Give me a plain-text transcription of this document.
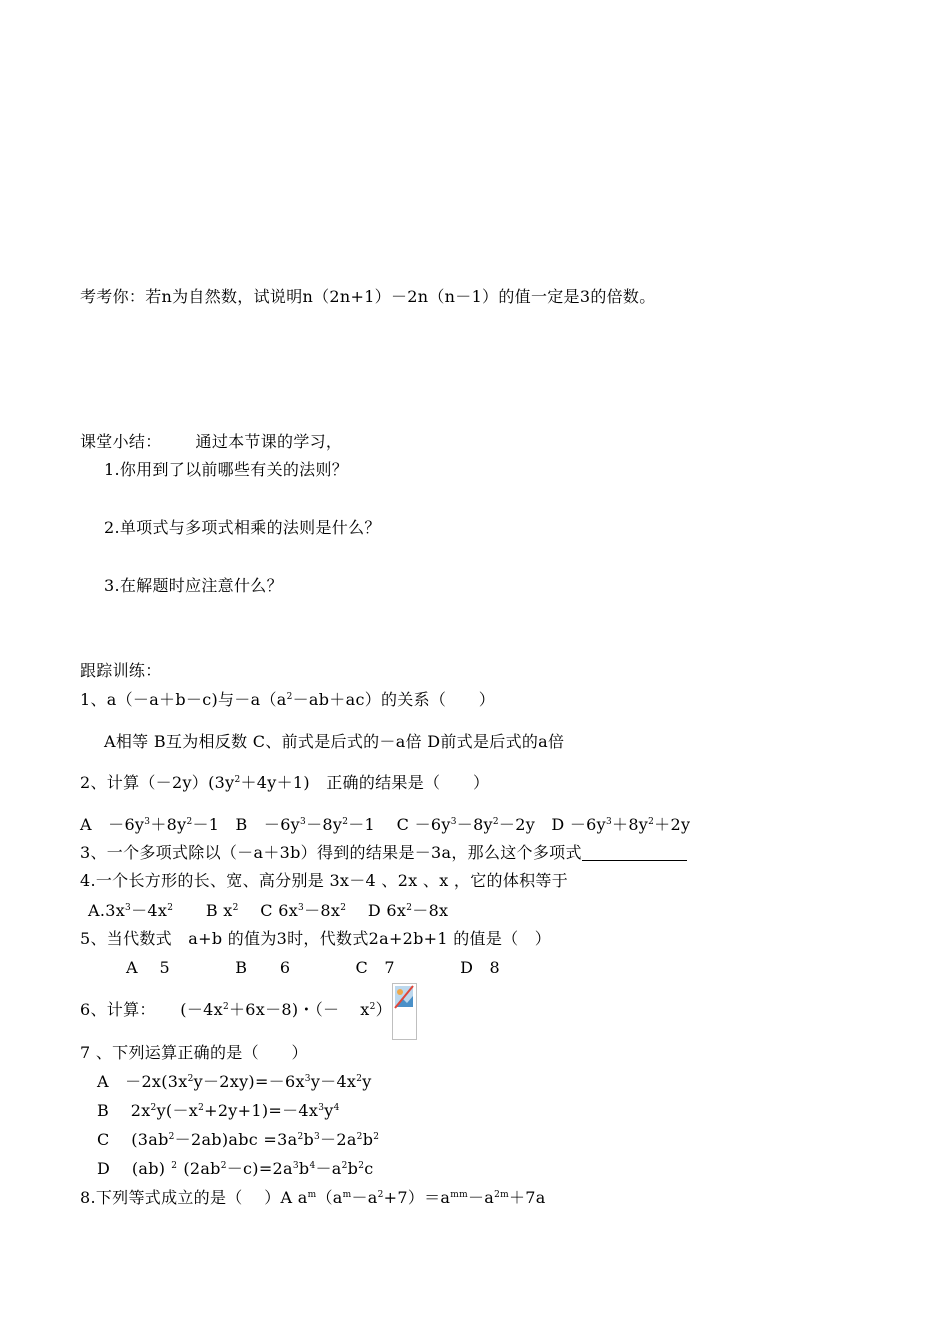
考考你：若n为自然数，试说明n（2n+1）－2n（n－1）的值一定是3的倍数。
课堂小结： 通过本节课的学习，
1.你用到了以前哪些有关的法则？
2.单项式与多项式相乘的法则是什么？
3.在解题时应注意什么？
跟踪训练：
1、a（－a＋b－c)与$-a(a^2-ab+ac)$的关系（　　）
A相等 B互为相反数 C、前式是后式的－a倍 D前式是后式的a倍
2、计算$(-2y)(3y^2+4y+1)$　正确的结果是（　　）
A　$-6y^3+8y^2-1$　B　$-6y^3-8y^2-1$　 $C -6y^3-8y^2-2y$　$D -6y^3+8y^2+2y$
3、一个多项式除以（－a＋3b）得到的结果是－3a，那么这个多项式
4.一个长方形的长、宽、高分别是 3x－4 、2x 、x ，它的体积等于
$A.3x^3-4x^2$　　B $x^2$　 C $6x^3-8x^2$　 D $6x^2-8x$
5、当代数式　a+b 的值为3时，代数式2a+2b+1 的值是（　）
A　 5　　　　B　　6　　　　C　7　　　　D　8
6、计算：　　$(-4x^2+6x-8)$・（－ $x^2$）
7 、下列运算正确的是（　　）
A　$-2x(3x^2y-2xy)=-6x^3y-4x^2y$
B　 $2x^2y(-x^2+2y+1)=-4x^3y^4$
C　 $(3ab^2-2ab)abc =3a^2b^3-2a^2b^2$
D　 (ab) $^2$ $(2ab^2-c)=2a^3b^4-a^2b^2c$
8.下列等式成立的是（　 ）A $a^m(a^m-a^2+7)=a^{mm}-a^{2m}+7a$
